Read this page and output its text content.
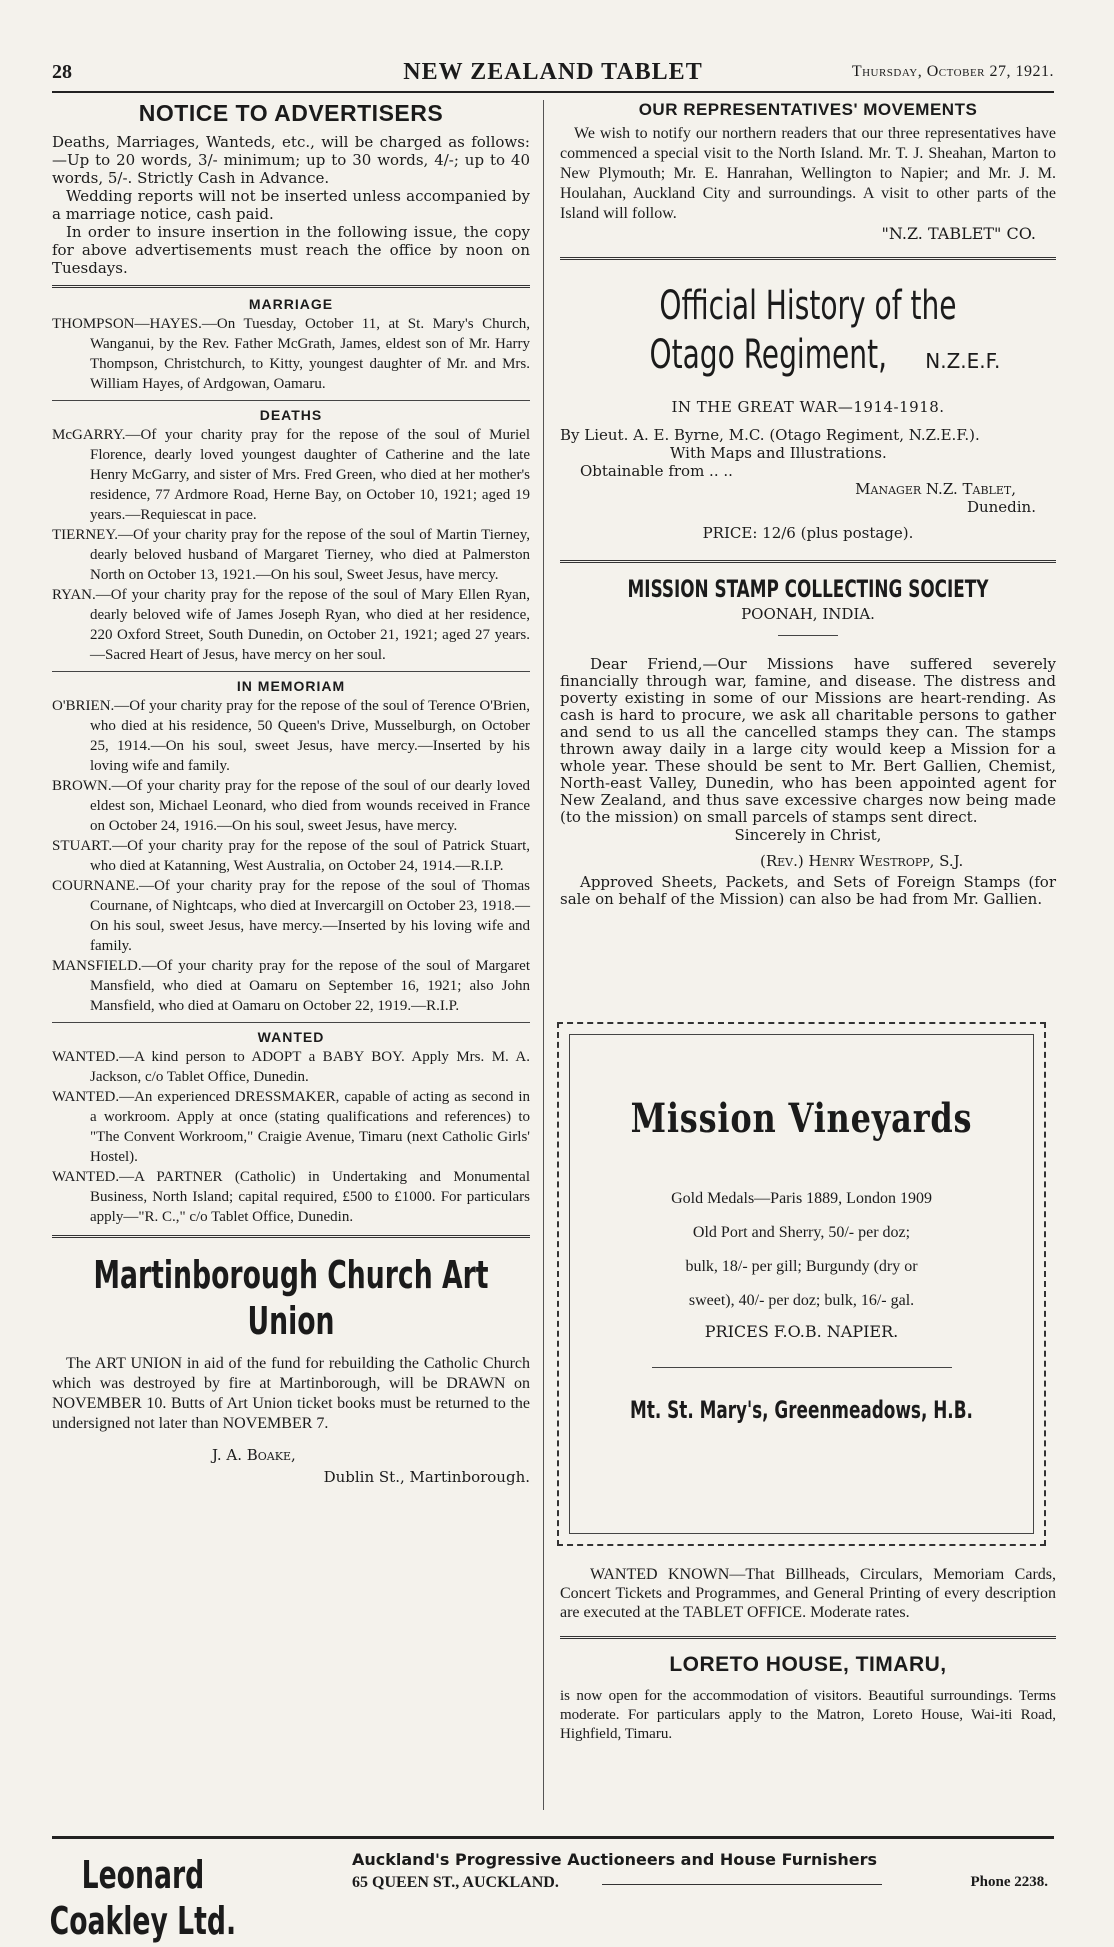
28	NEW ZEALAND TABLET	Thursday, October 27, 1921.
NOTICE TO ADVERTISERS

Deaths, Marriages, Wanteds, etc., will be charged as follows:—Up to 20 words, 3/- minimum; up to 30 words, 4/-; up to 40 words, 5/-. Strictly Cash in Advance.

Wedding reports will not be inserted unless accompanied by a marriage notice, cash paid.

In order to insure insertion in the following issue, the copy for above advertisements must reach the office by noon on Tuesdays.

MARRIAGE

THOMPSON—HAYES.—On Tuesday, October 11, at St. Mary's Church, Wanganui, by the Rev. Father McGrath, James, eldest son of Mr. Harry Thompson, Christchurch, to Kitty, youngest daughter of Mr. and Mrs. William Hayes, of Ardgowan, Oamaru.

DEATHS

McGARRY.—Of your charity pray for the repose of the soul of Muriel Florence, dearly loved youngest daughter of Catherine and the late Henry McGarry, and sister of Mrs. Fred Green, who died at her mother's residence, 77 Ardmore Road, Herne Bay, on October 10, 1921; aged 19 years.—Requiescat in pace.

TIERNEY.—Of your charity pray for the repose of the soul of Martin Tierney, dearly beloved husband of Margaret Tierney, who died at Palmerston North on October 13, 1921.—On his soul, Sweet Jesus, have mercy.

RYAN.—Of your charity pray for the repose of the soul of Mary Ellen Ryan, dearly beloved wife of James Joseph Ryan, who died at her residence, 220 Oxford Street, South Dunedin, on October 21, 1921; aged 27 years.—Sacred Heart of Jesus, have mercy on her soul.

IN MEMORIAM

O'BRIEN.—Of your charity pray for the repose of the soul of Terence O'Brien, who died at his residence, 50 Queen's Drive, Musselburgh, on October 25, 1914.—On his soul, sweet Jesus, have mercy.—Inserted by his loving wife and family.

BROWN.—Of your charity pray for the repose of the soul of our dearly loved eldest son, Michael Leonard, who died from wounds received in France on October 24, 1916.—On his soul, sweet Jesus, have mercy.

STUART.—Of your charity pray for the repose of the soul of Patrick Stuart, who died at Katanning, West Australia, on October 24, 1914.—R.I.P.

COURNANE.—Of your charity pray for the repose of the soul of Thomas Cournane, of Nightcaps, who died at Invercargill on October 23, 1918.—On his soul, sweet Jesus, have mercy.—Inserted by his loving wife and family.

MANSFIELD.—Of your charity pray for the repose of the soul of Margaret Mansfield, who died at Oamaru on September 16, 1921; also John Mansfield, who died at Oamaru on October 22, 1919.—R.I.P.

WANTED

WANTED.—A kind person to ADOPT a BABY BOY. Apply Mrs. M. A. Jackson, c/o Tablet Office, Dunedin.

WANTED.—An experienced DRESSMAKER, capable of acting as second in a workroom. Apply at once (stating qualifications and references) to "The Convent Workroom," Craigie Avenue, Timaru (next Catholic Girls' Hostel).

WANTED.—A PARTNER (Catholic) in Undertaking and Monumental Business, North Island; capital required, £500 to £1000. For particulars apply—"R. C.," c/o Tablet Office, Dunedin.

Martinborough Church Art Union

The ART UNION in aid of the fund for rebuilding the Catholic Church which was destroyed by fire at Martinborough, will be DRAWN on NOVEMBER 10. Butts of Art Union ticket books must be returned to the undersigned not later than NOVEMBER 7.

J. A. Boake,

Dublin St., Martinborough.

OUR REPRESENTATIVES' MOVEMENTS

We wish to notify our northern readers that our three representatives have commenced a special visit to the North Island. Mr. T. J. Sheahan, Marton to New Plymouth; Mr. E. Hanrahan, Wellington to Napier; and Mr. J. M. Houlahan, Auckland City and surroundings. A visit to other parts of the Island will follow.

"N.Z. TABLET" CO.

Official History of the
Otago Regiment, N.Z.E.F.

IN THE GREAT WAR—1914-1918.

By Lieut. A. E. Byrne, M.C. (Otago Regiment, N.Z.E.F.).

With Maps and Illustrations.

Obtainable from .. ..

Manager N.Z. Tablet,

Dunedin.

PRICE: 12/6 (plus postage).

MISSION STAMP COLLECTING SOCIETY

POONAH, INDIA.

Dear Friend,—Our Missions have suffered severely financially through war, famine, and disease. The distress and poverty existing in some of our Missions are heart-rending. As cash is hard to procure, we ask all charitable persons to gather and send to us all the cancelled stamps they can. The stamps thrown away daily in a large city would keep a Mission for a whole year. These should be sent to Mr. Bert Gallien, Chemist, North-east Valley, Dunedin, who has been appointed agent for New Zealand, and thus save excessive charges now being made (to the mission) on small parcels of stamps sent direct.

Sincerely in Christ,

(Rev.) Henry Westropp, S.J.

Approved Sheets, Packets, and Sets of Foreign Stamps (for sale on behalf of the Mission) can also be had from Mr. Gallien.

Mission Vineyards

Gold Medals—Paris 1889, London 1909

Old Port and Sherry, 50/- per doz;

bulk, 18/- per gill; Burgundy (dry or

sweet), 40/- per doz; bulk, 16/- gal.

PRICES F.O.B. NAPIER.

Mt. St. Mary's, Greenmeadows, H.B.

WANTED KNOWN—That Billheads, Circulars, Memoriam Cards, Concert Tickets and Programmes, and General Printing of every description are executed at the TABLET OFFICE. Moderate rates.

LORETO HOUSE, TIMARU,

is now open for the accommodation of visitors. Beautiful surroundings. Terms moderate. For particulars apply to the Matron, Loreto House, Wai-iti Road, Highfield, Timaru.

Leonard Coakley Ltd.
Auckland's Progressive Auctioneers and House Furnishers
65 QUEEN ST., AUCKLAND.	Phone 2238.
